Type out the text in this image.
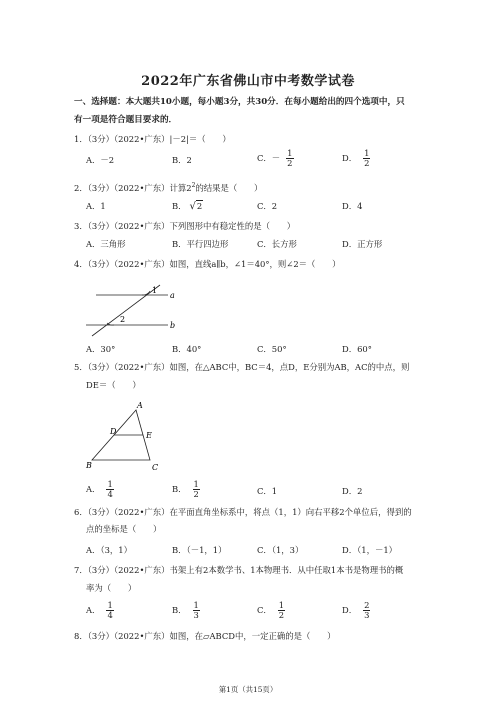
2022年广东省佛山市中考数学试卷
一、选择题：本大题共10小题，每小题3分，共30分．在每小题给出的四个选项中，只
有一项是符合题目要求的．
1．（3分）（2022•广东）|－2|＝（　　）
A．－2	B．2	C．－ $\frac{1}{2}$	D． $\frac{1}{2}$
2．（3分）（2022•广东）计算$2^2$的结果是（　　）
A．1	B． √2	C．2	D．4
3．（3分）（2022•广东）下列图形中有稳定性的是（　　）
A．三角形	B．平行四边形	C．长方形	D．正方形
4．（3分）（2022•广东）如图，直线a∥b，∠1＝40°，则∠2＝（　　）
1
2
a
b
A．30°	B．40°	C．50°	D．60°
5．（3分）（2022•广东）如图，在△ABC中，BC＝4，点D，E分别为AB，AC的中点，则
DE＝（　　）
A
B	C
D	E
A． $\frac{1}{4}$	B． $\frac{1}{2}$	C．1	D．2
6．（3分）（2022•广东）在平面直角坐标系中，将点（1，1）向右平移2个单位后，得到的
点的坐标是（　　）
A．（3，1）	B．（－1，1）	C．（1，3）	D．（1，－1）
7．（3分）（2022•广东）书架上有2本数学书、1本物理书．从中任取1本书是物理书的概
率为（　　）
A． $\frac{1}{4}$	B． $\frac{1}{3}$	C． $\frac{1}{2}$	D． $\frac{2}{3}$
8．（3分）（2022•广东）如图，在▱ABCD中，一定正确的是（　　）
第1页（共15页）
